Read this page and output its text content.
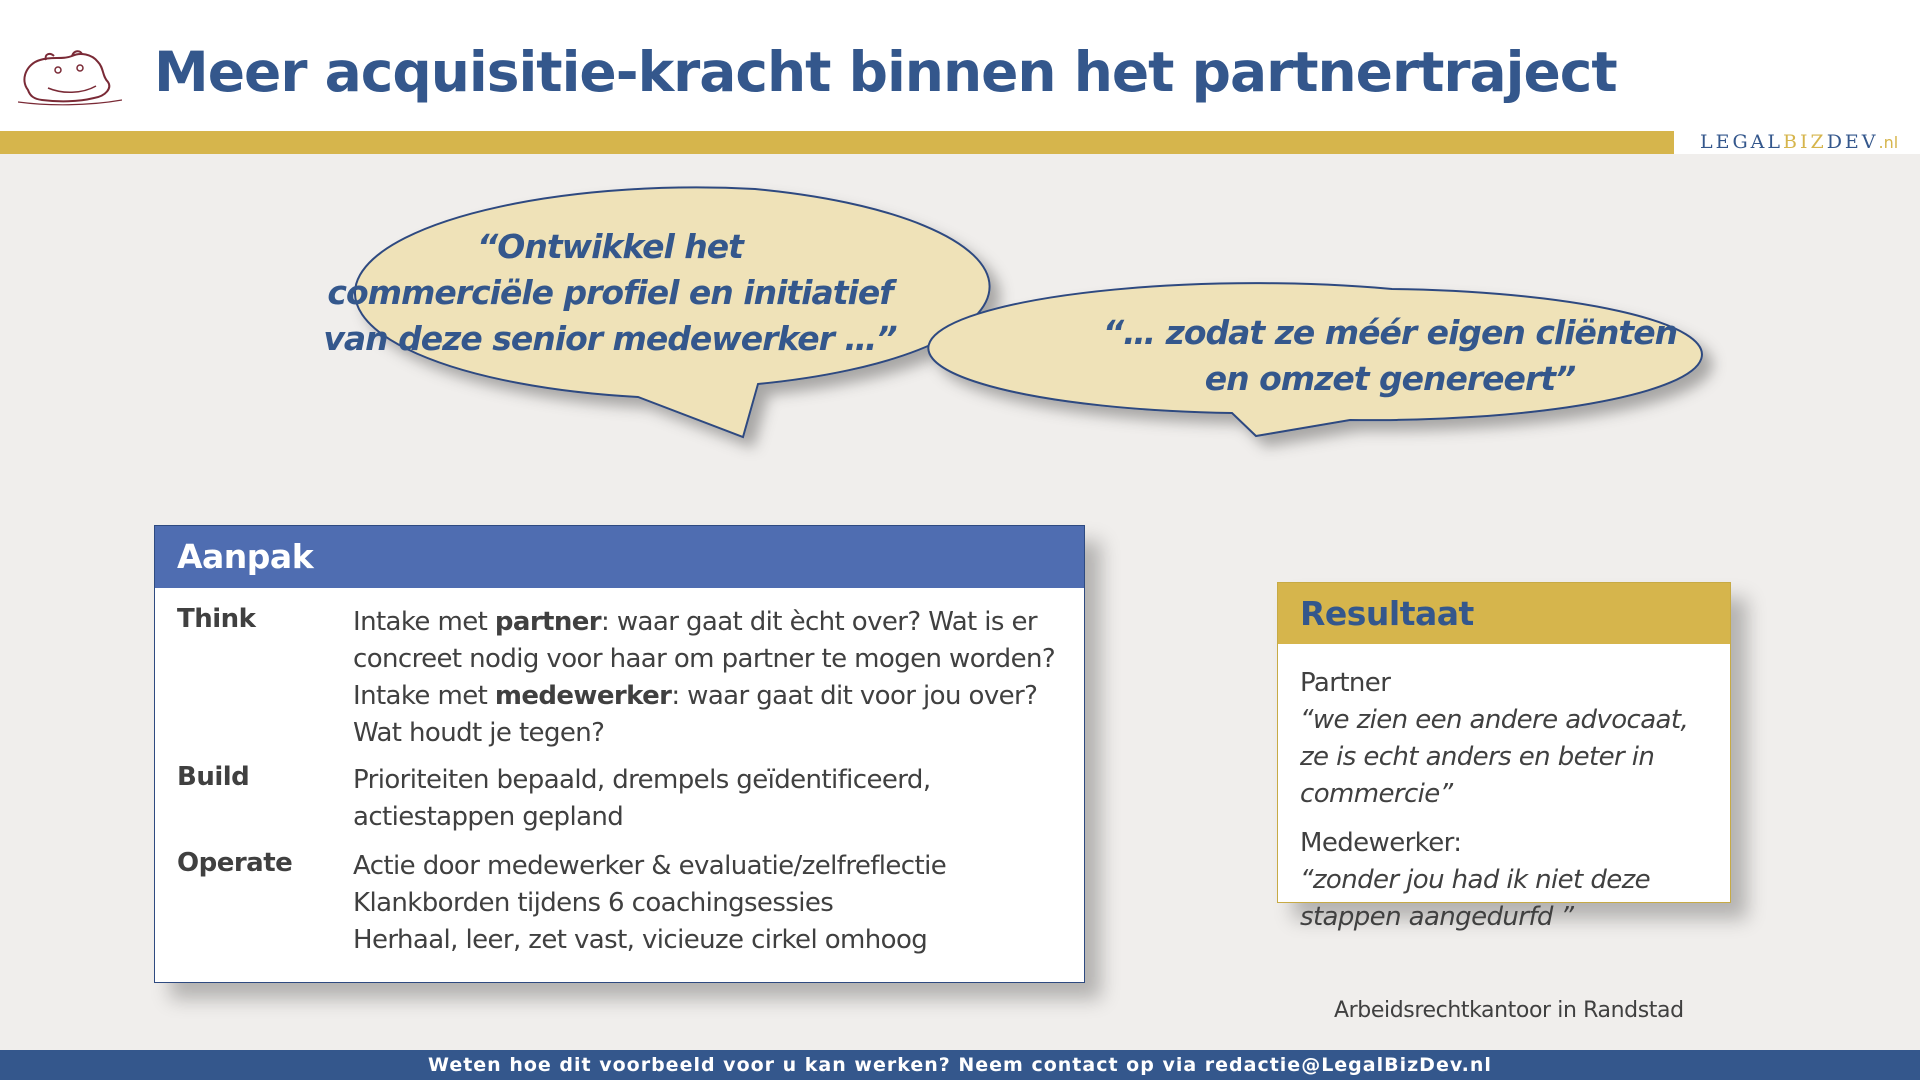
Meer acquisitie-kracht binnen het partnertraject
LEGALBIZDEV.nl
“Ontwikkel het
commerciële profiel en initiatief
van deze senior medewerker …”	“… zodat ze méér eigen cliënten
en omzet genereert”
Aanpak
Think	Intake met partner: waar gaat dit ècht over? Wat is er concreet nodig voor haar om partner te mogen worden?
Intake met medewerker: waar gaat dit voor jou over? Wat houdt je tegen?
Build	Prioriteiten bepaald, drempels geïdentificeerd, actiestappen gepland
Operate Actie door medewerker & evaluatie/zelfreflectie
Klankborden tijdens 6 coachingsessies
Herhaal, leer, zet vast, vicieuze cirkel omhoog
Resultaat
Partner
“we zien een andere advocaat, ze is echt anders en beter in commercie”
Medewerker:
“zonder jou had ik niet deze stappen aangedurfd ”
Arbeidsrechtkantoor in Randstad
Weten hoe dit voorbeeld voor u kan werken? Neem contact op via redactie@LegalBizDev.nl
